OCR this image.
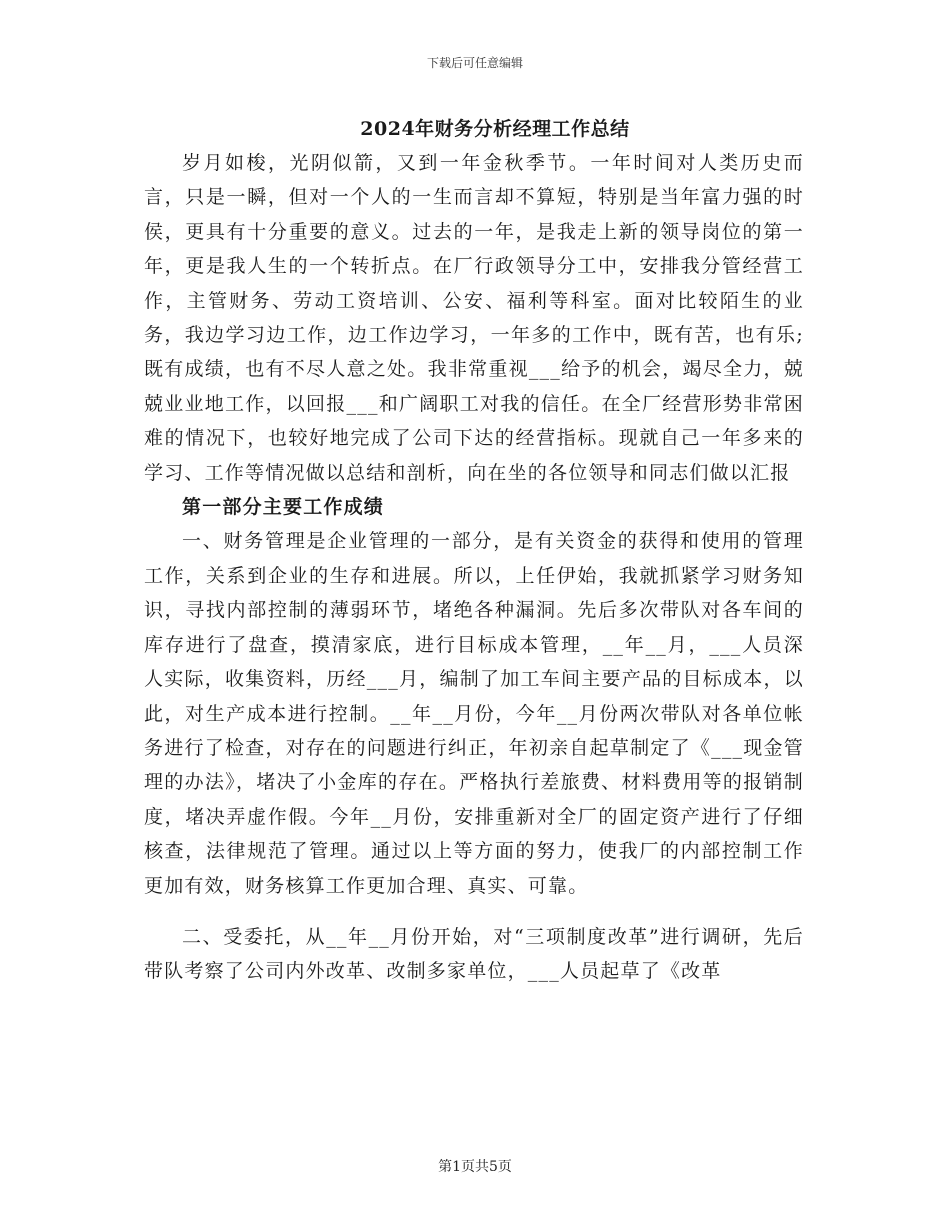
下载后可任意编辑
2024年财务分析经理工作总结

岁月如梭，光阴似箭，又到一年金秋季节。一年时间对人类历史而言，只是一瞬，但对一个人的一生而言却不算短，特别是当年富力强的时侯，更具有十分重要的意义。过去的一年，是我走上新的领导岗位的第一年，更是我人生的一个转折点。在厂行政领导分工中，安排我分管经营工作，主管财务、劳动工资培训、公安、福利等科室。面对比较陌生的业务，我边学习边工作，边工作边学习，一年多的工作中，既有苦，也有乐;既有成绩，也有不尽人意之处。我非常重视___给予的机会，竭尽全力，兢兢业业地工作，以回报___和广阔职工对我的信任。在全厂经营形势非常困难的情况下，也较好地完成了公司下达的经营指标。现就自己一年多来的学习、工作等情况做以总结和剖析，向在坐的各位领导和同志们做以汇报

第一部分主要工作成绩

一、财务管理是企业管理的一部分，是有关资金的获得和使用的管理工作，关系到企业的生存和进展。所以，上任伊始，我就抓紧学习财务知识，寻找内部控制的薄弱环节，堵绝各种漏洞。先后多次带队对各车间的库存进行了盘查，摸清家底，进行目标成本管理，__年__月，___人员深人实际，收集资料，历经___月，编制了加工车间主要产品的目标成本，以此，对生产成本进行控制。__年__月份，今年__月份两次带队对各单位帐务进行了检查，对存在的问题进行纠正，年初亲自起草制定了《___现金管理的办法》，堵决了小金库的存在。严格执行差旅费、材料费用等的报销制度，堵决弄虚作假。今年__月份，安排重新对全厂的固定资产进行了仔细核查，法律规范了管理。通过以上等方面的努力，使我厂的内部控制工作更加有效，财务核算工作更加合理、真实、可靠。

二、受委托，从__年__月份开始，对“三项制度改革”进行调研，先后带队考察了公司内外改革、改制多家单位，___人员起草了《改革

第1页共5页
